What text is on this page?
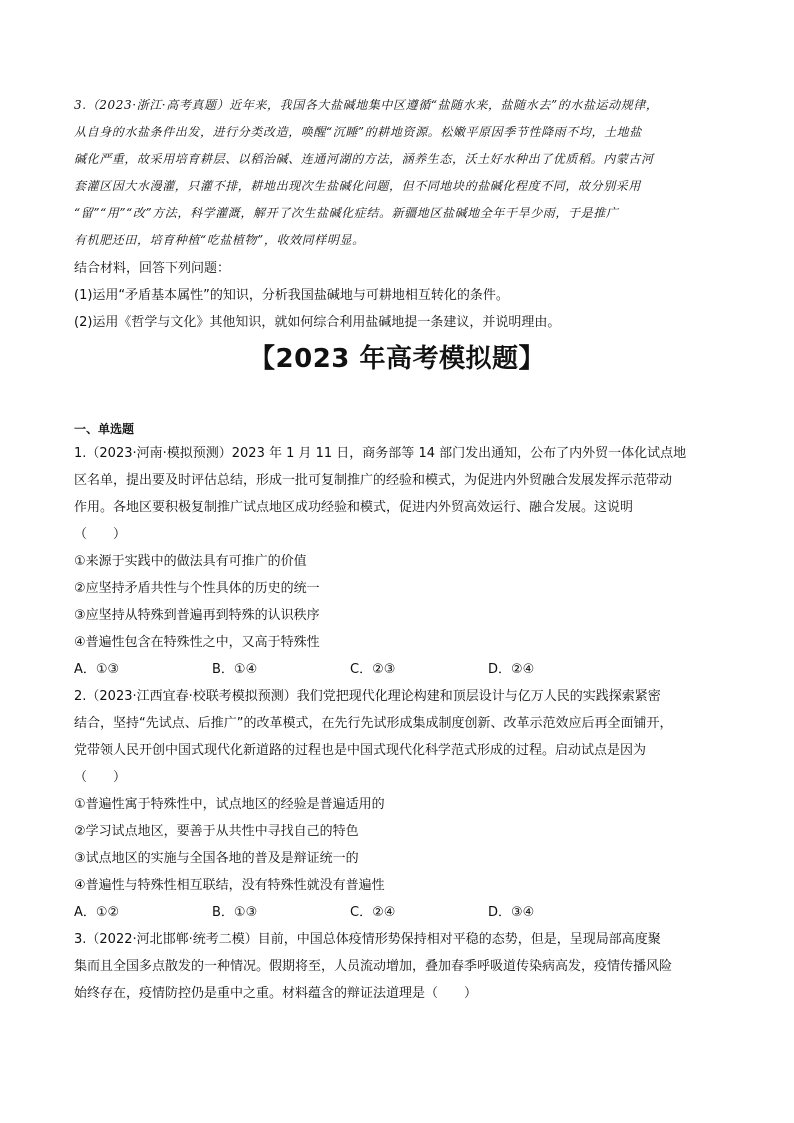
3.（2023·浙江·高考真题）近年来，我国各大盐碱地集中区遵循“盐随水来，盐随水去”的水盐运动规律，
从自身的水盐条件出发，进行分类改造，唤醒“沉睡”的耕地资源。松嫩平原因季节性降雨不均，土地盐
碱化严重，故采用培育耕层、以稻治碱、连通河湖的方法，涵养生态，沃土好水种出了优质稻。内蒙古河
套灌区因大水漫灌，只灌不排，耕地出现次生盐碱化问题，但不同地块的盐碱化程度不同，故分别采用
“留”“用”“改”方法，科学灌溉，解开了次生盐碱化症结。新疆地区盐碱地全年干旱少雨，于是推广
有机肥还田，培育种植“吃盐植物”，收效同样明显。
结合材料，回答下列问题：
(1)运用“矛盾基本属性”的知识，分析我国盐碱地与可耕地相互转化的条件。
(2)运用《哲学与文化》其他知识，就如何综合利用盐碱地提一条建议，并说明理由。
【2023 年高考模拟题】
一、单选题
1.（2023·河南·模拟预测）2023 年 1 月 11 日，商务部等 14 部门发出通知，公布了内外贸一体化试点地
区名单，提出要及时评估总结，形成一批可复制推广的经验和模式，为促进内外贸融合发展发挥示范带动
作用。各地区要积极复制推广试点地区成功经验和模式，促进内外贸高效运行、融合发展。这说明
（　　）
①来源于实践中的做法具有可推广的价值
②应坚持矛盾共性与个性具体的历史的统一
③应坚持从特殊到普遍再到特殊的认识秩序
④普遍性包含在特殊性之中，又高于特殊性
A．①③	B．①④	C．②③	D．②④
2.（2023·江西宜春·校联考模拟预测）我们党把现代化理论构建和顶层设计与亿万人民的实践探索紧密
结合，坚持“先试点、后推广”的改革模式，在先行先试形成集成制度创新、改革示范效应后再全面铺开，
党带领人民开创中国式现代化新道路的过程也是中国式现代化科学范式形成的过程。启动试点是因为
（　　）
①普遍性寓于特殊性中，试点地区的经验是普遍适用的
②学习试点地区，要善于从共性中寻找自己的特色
③试点地区的实施与全国各地的普及是辩证统一的
④普遍性与特殊性相互联结，没有特殊性就没有普遍性
A．①②	B．①③	C．②④	D．③④
3.（2022·河北邯郸·统考二模）目前，中国总体疫情形势保持相对平稳的态势，但是，呈现局部高度聚
集而且全国多点散发的一种情况。假期将至，人员流动增加，叠加春季呼吸道传染病高发，疫情传播风险
始终存在，疫情防控仍是重中之重。材料蕴含的辩证法道理是（　　）
